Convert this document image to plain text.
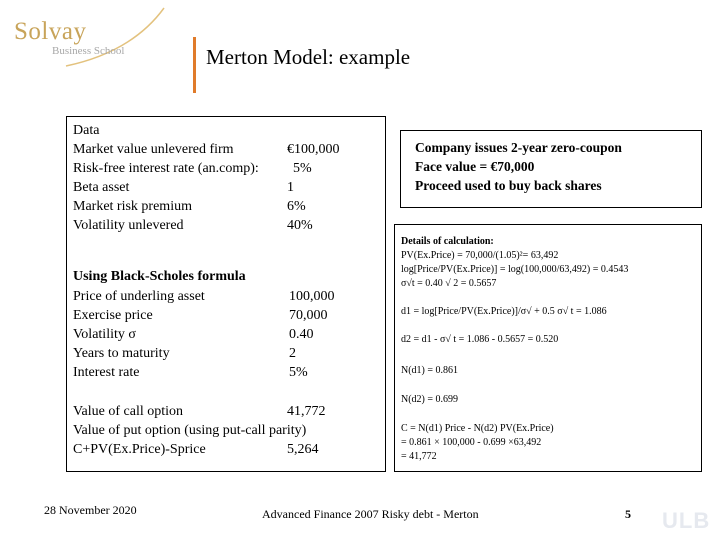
Solvay
Business School	Merton Model: example
Data
Market value unlevered firm	€100,000
Risk-free interest rate (an.comp): 5%
Beta asset	1
Market risk premium	6%
Volatility unlevered	40%
Using Black-Scholes formula
Price of underling asset	100,000
Exercise price	70,000
Volatility σ	0.40
Years to maturity	2
Interest rate	5%
Value of call option	41,772
Value of put option (using put-call parity)
C+PV(Ex.Price)-Sprice	5,264
Company issues 2-year zero-coupon
Face value = €70,000
Proceed used to buy back shares
Details of calculation:
PV(Ex.Price) = 70,000/(1.05)²= 63,492
log[Price/PV(Ex.Price)] = log(100,000/63,492) = 0.4543
σ√t = 0.40 √ 2 = 0.5657
d1 = log[Price/PV(Ex.Price)]/σ√ + 0.5 σ√ t = 1.086
d2 = d1 - σ√ t = 1.086 - 0.5657 = 0.520
N(d1) = 0.861
N(d2) = 0.699
C = N(d1) Price - N(d2) PV(Ex.Price)
= 0.861 × 100,000 - 0.699 ×63,492
= 41,772
28 November 2020	Advanced Finance 2007 Risky debt - Merton	5 ULB
